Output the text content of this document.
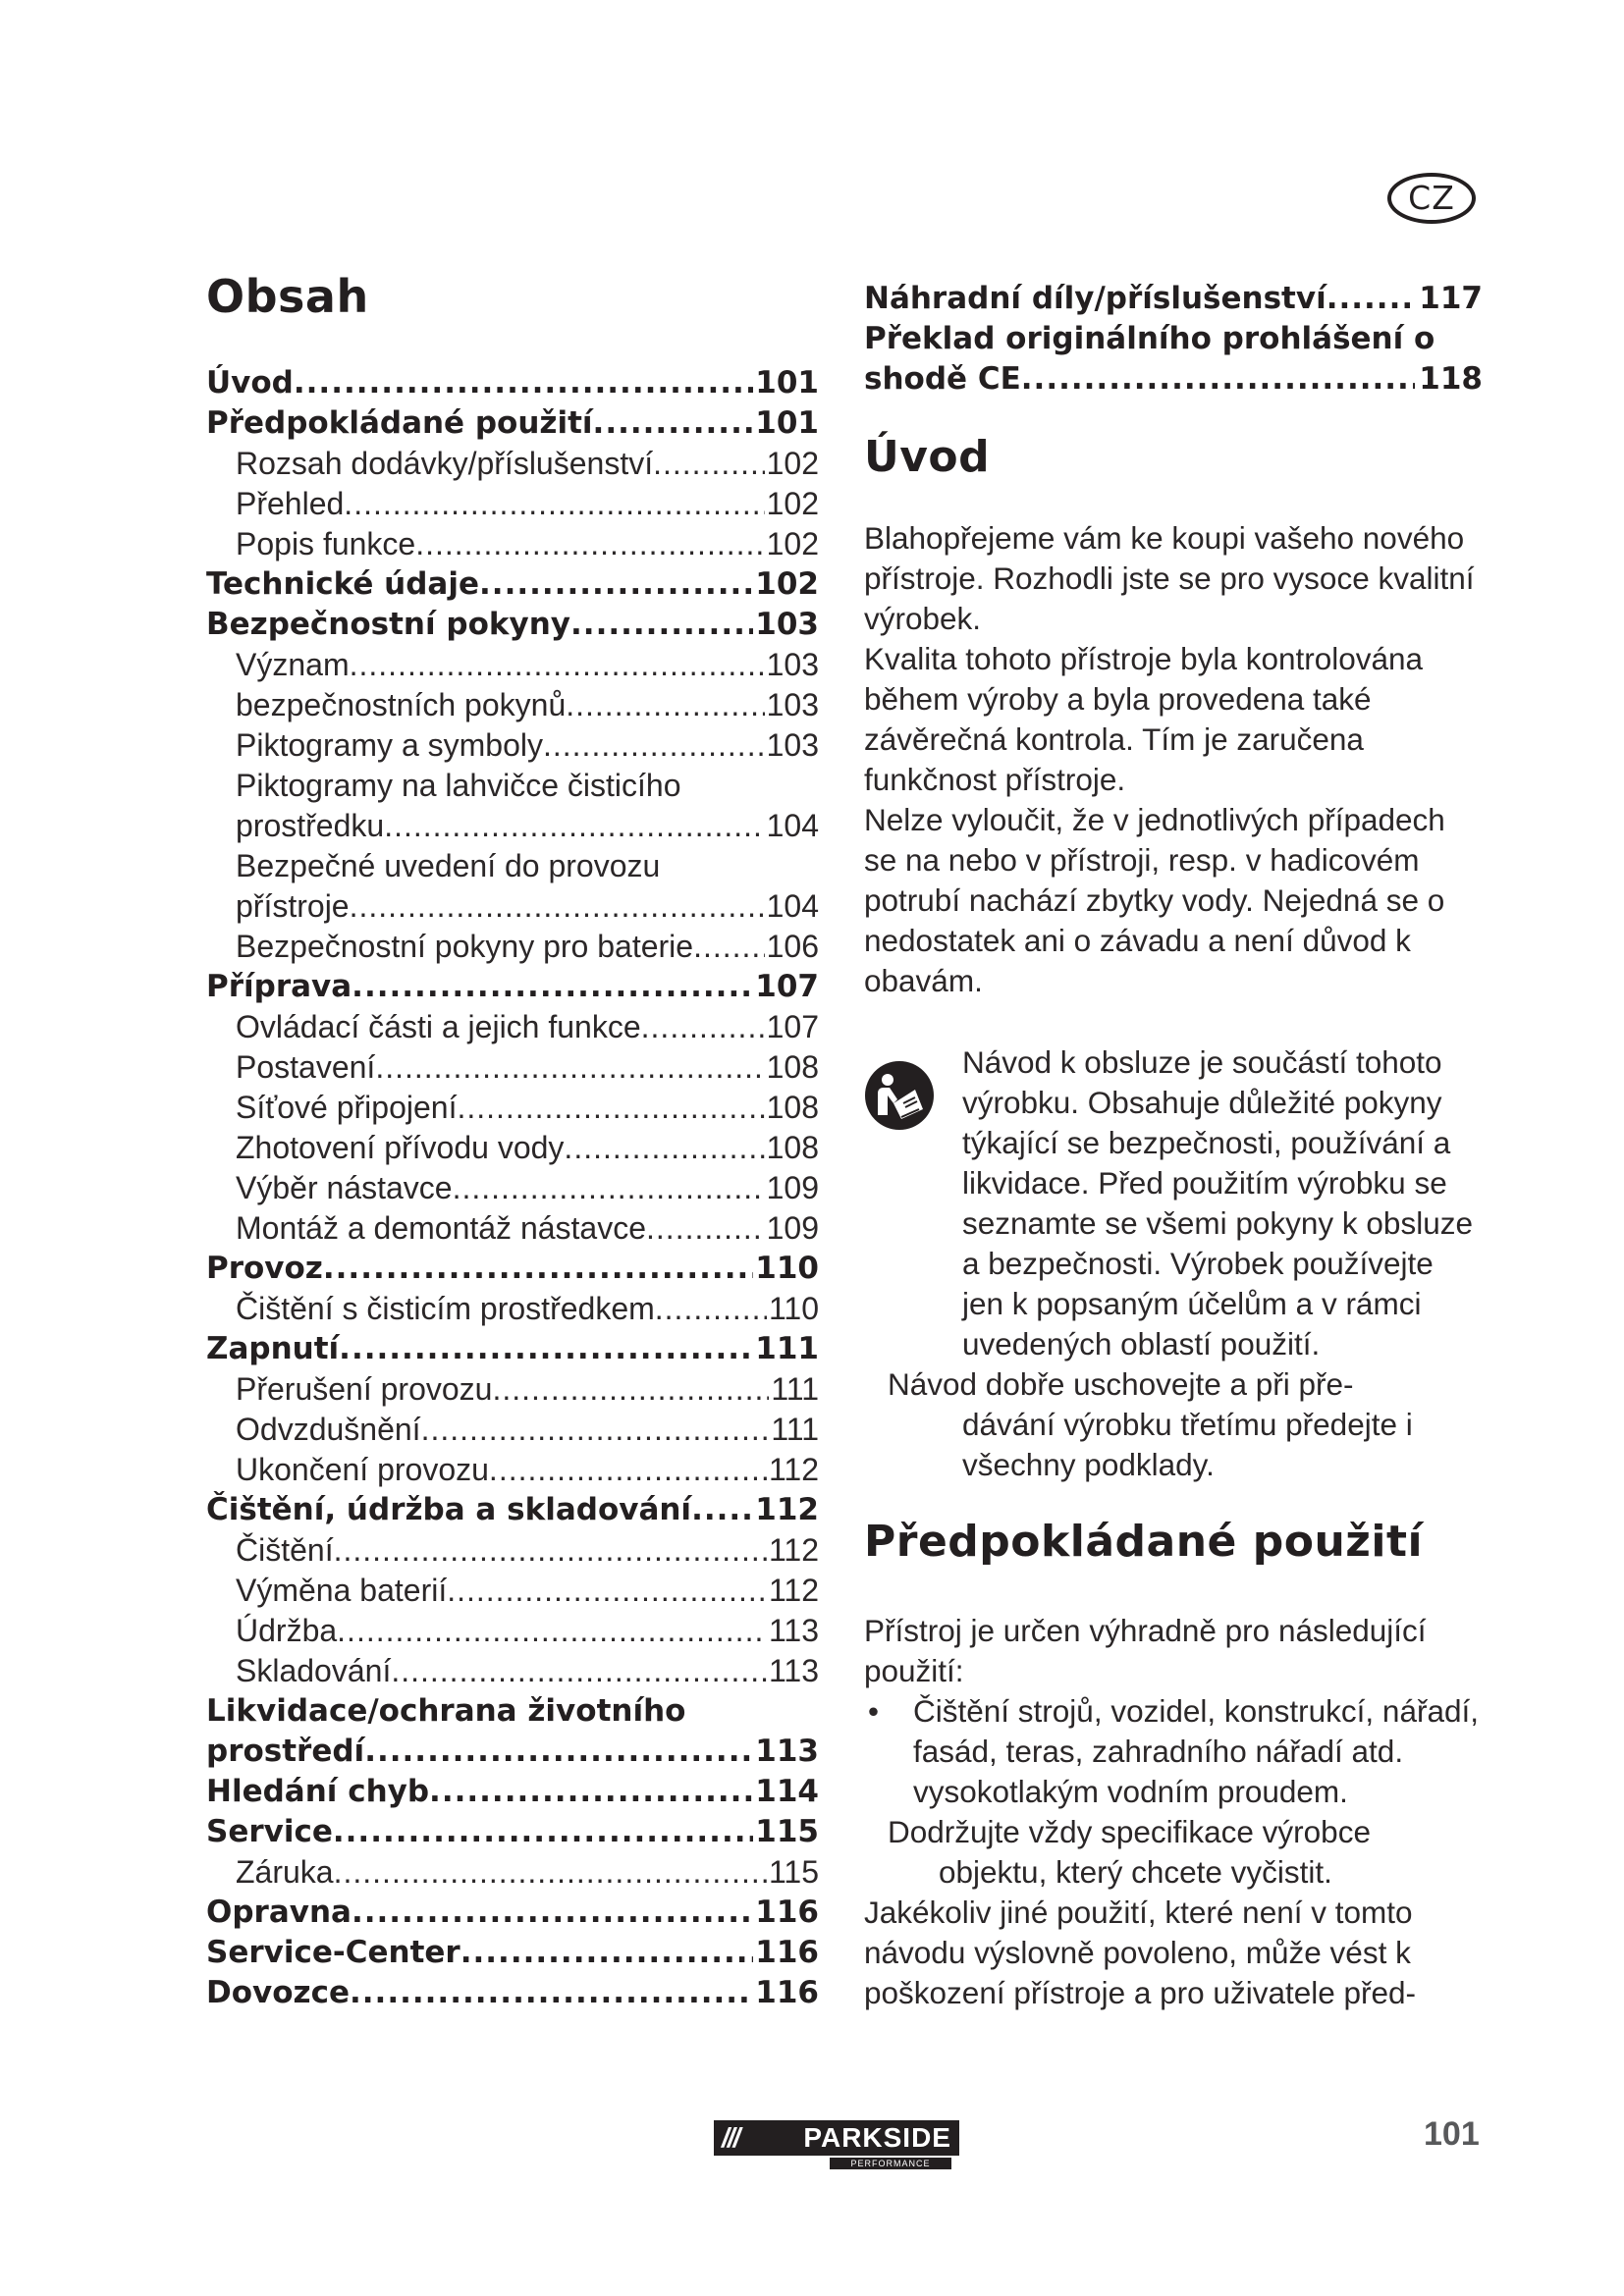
CZ
Obsah
Úvod .....	101
Předpokládané použití .....	101
Rozsah dodávky/příslušenství .....	102
Přehled .....	102
Popis funkce .....	102
Technické údaje .....	102
Bezpečnostní pokyny .....	103
Význam .....	103
bezpečnostních pokynů .....	103
Piktogramy a symboly .....	103
Piktogramy na lahvičce čisticího
prostředku .....	104
Bezpečné uvedení do provozu
přístroje .....	104
Bezpečnostní pokyny pro baterie ..... 106
Příprava .....	107
Ovládací části a jejich funkce .....	107
Postavení .....	108
Síťové připojení .....	108
Zhotovení přívodu vody .....	108
Výběr nástavce .....	109
Montáž a demontáž nástavce .....	109
Provoz .....	110
Čištění s čisticím prostředkem .....	110
Zapnutí .....	111
Přerušení provozu .....	111
Odvzdušnění .....	111
Ukončení provozu .....	112
Čištění, údržba a skladování ..... 112
Čištění .....	112
Výměna baterií .....	112
Údržba .....	113
Skladování .....	113
Likvidace/ochrana životního
prostředí .....	113
Hledání chyb .....	114
Service .....	115
Záruka .....	115
Opravna .....	116
Service-Center .....	116
Dovozce .....	116
Náhradní díly/příslušenství .....	117
Překlad originálního prohlášení o
shodě CE .....	118
Úvod

Blahopřejeme vám ke koupi vašeho nového přístroje. Rozhodli jste se pro vysoce kvalitní výrobek.

Kvalita tohoto přístroje byla kontrolována během výroby a byla provedena také závěrečná kontrola. Tím je zaručena funkčnost přístroje.

Nelze vyloučit, že v jednotlivých případech se na nebo v přístroji, resp. v hadicovém potrubí nachází zbytky vody. Nejedná se o nedostatek ani o závadu a není důvod k obavám.

Návod k obsluze je součástí tohoto výrobku. Obsahuje důležité pokyny týkající se bezpečnosti, používání a likvidace. Před použitím výrobku se seznamte se všemi pokyny k obsluze a bezpečnosti. Výrobek používejte jen k popsaným účelům a v rámci uvedených oblastí použití.

Návod dobře uschovejte a při pře-
dávání výrobku třetímu předejte i všechny podklady.

Předpokládané použití

Přístroj je určen výhradně pro následující použití:

• Čištění strojů, vozidel, konstrukcí, nářadí, fasád, teras, zahradního nářadí atd. vysokotlakým vodním proudem.

Dodržujte vždy specifikace výrobce

objektu, který chcete vyčistit.

Jakékoliv jiné použití, které není v tomto návodu výslovně povoleno, může vést k poškození přístroje a pro uživatele před-

/// PARKSIDE
PERFORMANCE
101
